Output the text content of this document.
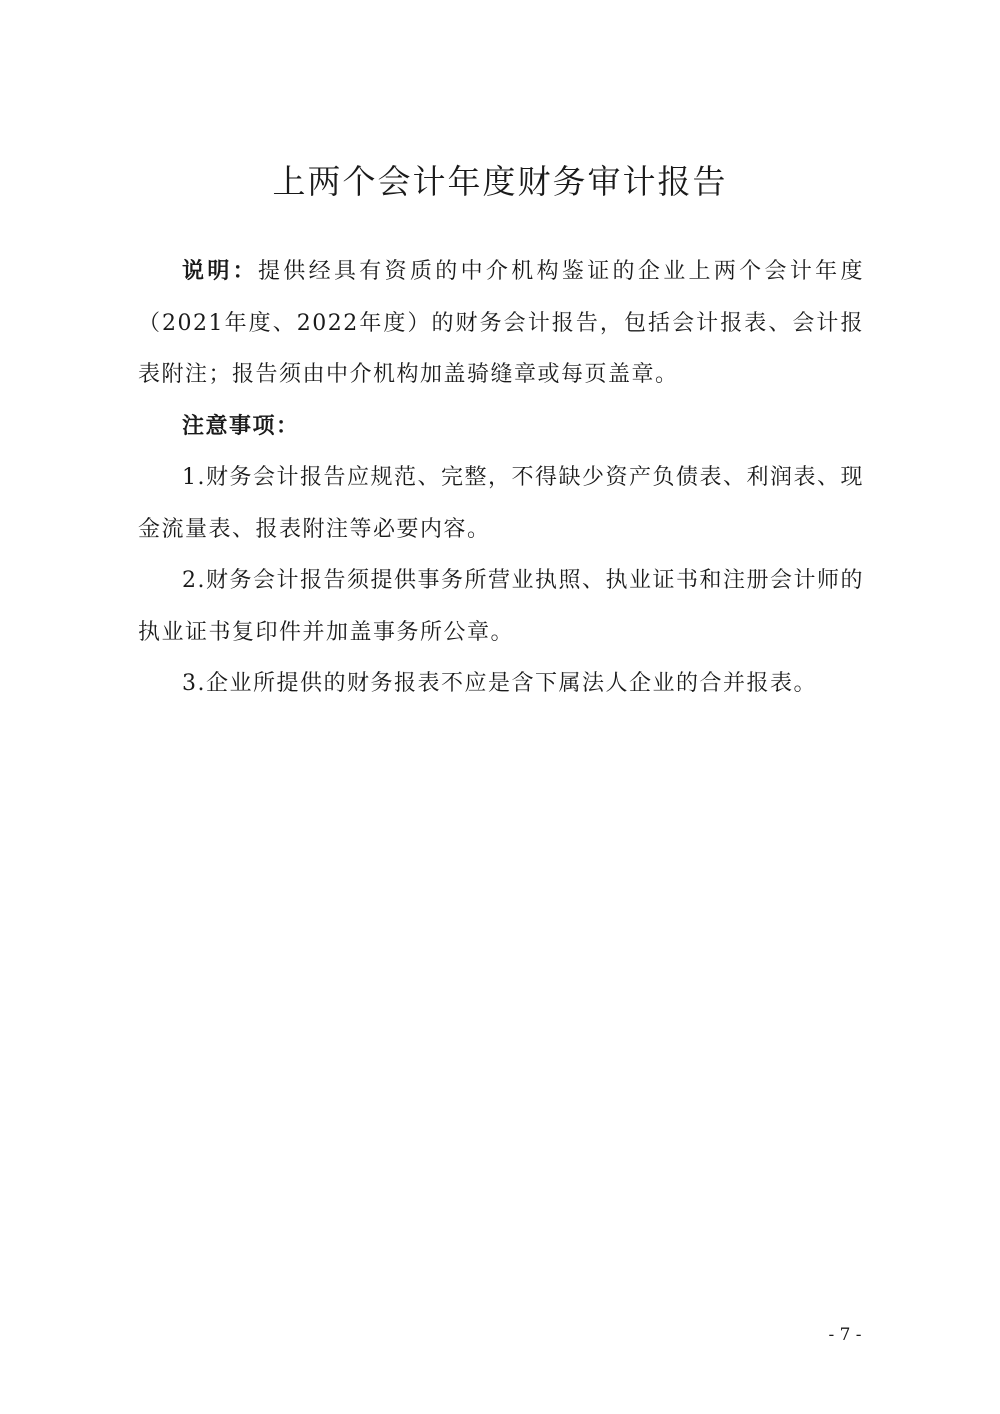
上两个会计年度财务审计报告

说明：提供经具有资质的中介机构鉴证的企业上两个会计年度（2021年度、2022年度）的财务会计报告，包括会计报表、会计报表附注；报告须由中介机构加盖骑缝章或每页盖章。

注意事项：

1.财务会计报告应规范、完整，不得缺少资产负债表、利润表、现金流量表、报表附注等必要内容。

2.财务会计报告须提供事务所营业执照、执业证书和注册会计师的执业证书复印件并加盖事务所公章。

3.企业所提供的财务报表不应是含下属法人企业的合并报表。

- 7 -
